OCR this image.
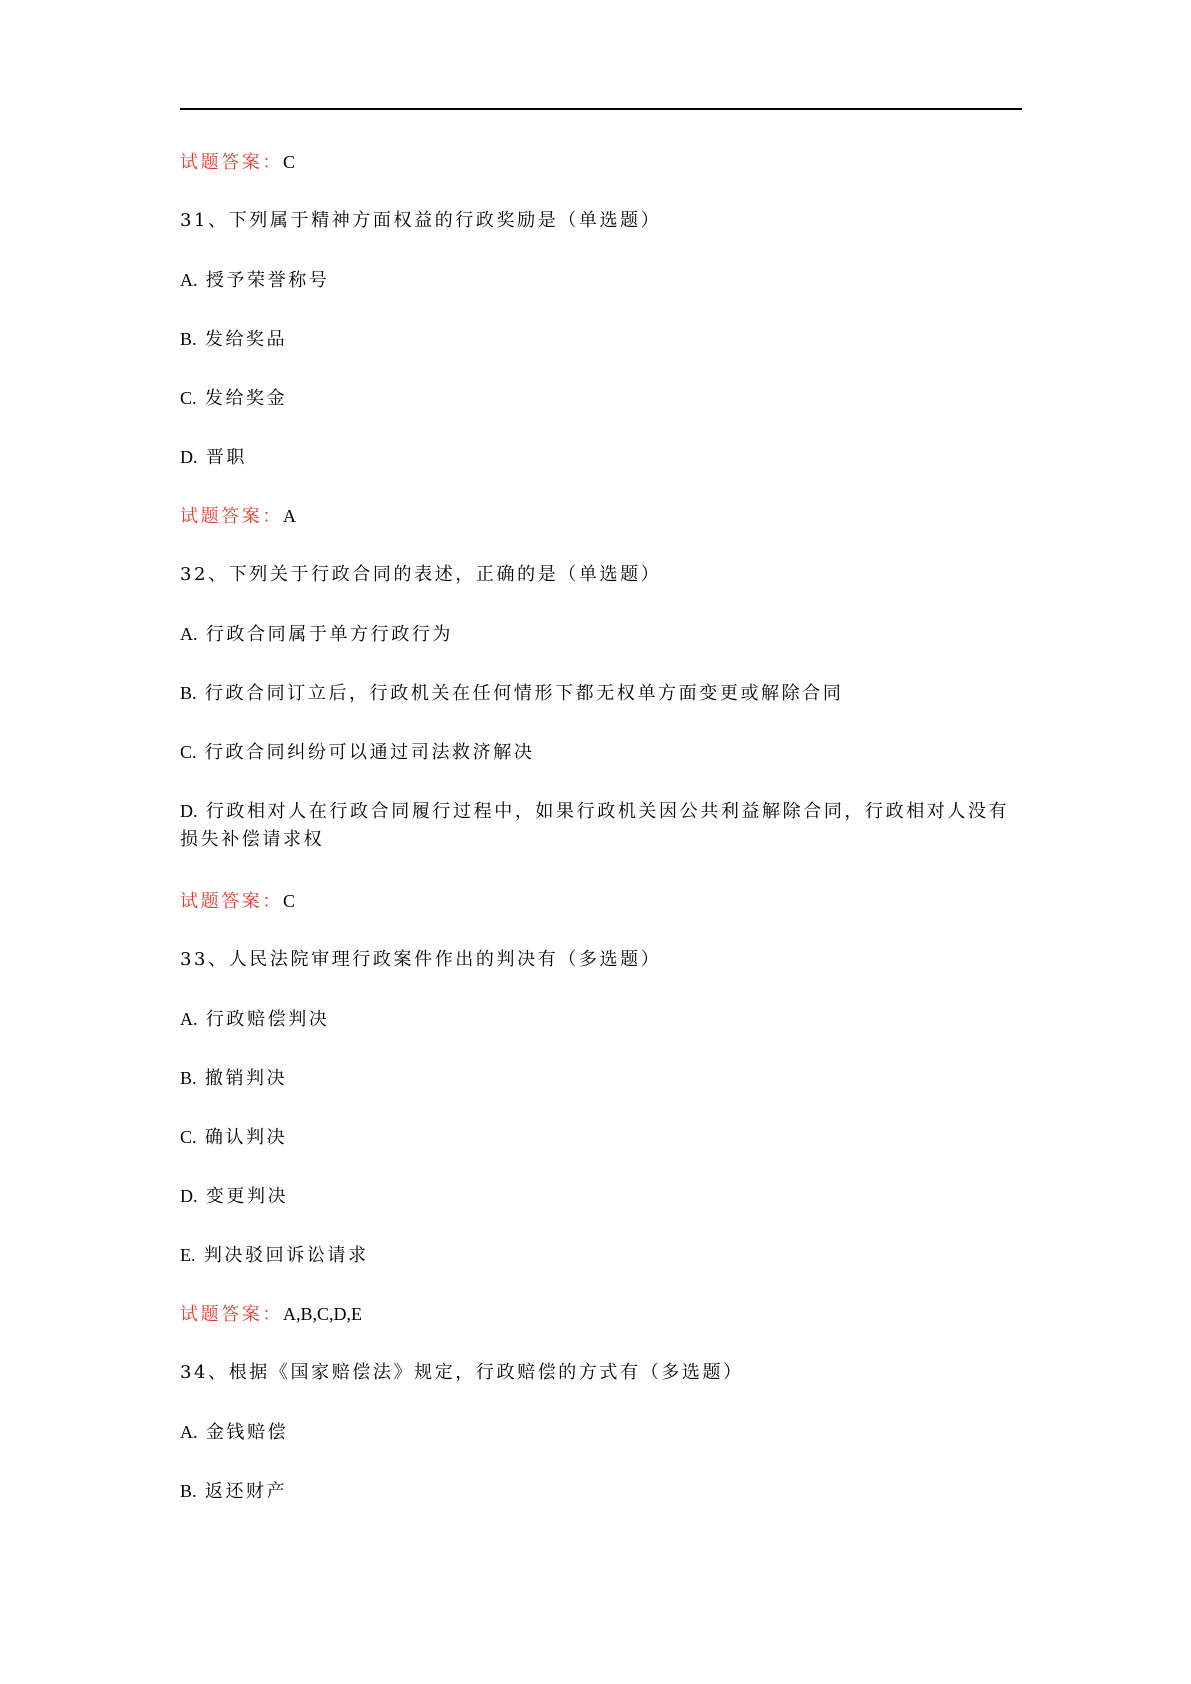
试题答案：C
31、下列属于精神方面权益的行政奖励是（单选题）
A. 授予荣誉称号
B. 发给奖品
C. 发给奖金
D. 晋职
试题答案：A
32、下列关于行政合同的表述，正确的是（单选题）
A. 行政合同属于单方行政行为
B. 行政合同订立后，行政机关在任何情形下都无权单方面变更或解除合同
C. 行政合同纠纷可以通过司法救济解决
D. 行政相对人在行政合同履行过程中，如果行政机关因公共利益解除合同，行政相对人没有损失补偿请求权
试题答案：C
33、人民法院审理行政案件作出的判决有（多选题）
A. 行政赔偿判决
B. 撤销判决
C. 确认判决
D. 变更判决
E. 判决驳回诉讼请求
试题答案：A,B,C,D,E
34、根据《国家赔偿法》规定，行政赔偿的方式有（多选题）
A. 金钱赔偿
B. 返还财产
